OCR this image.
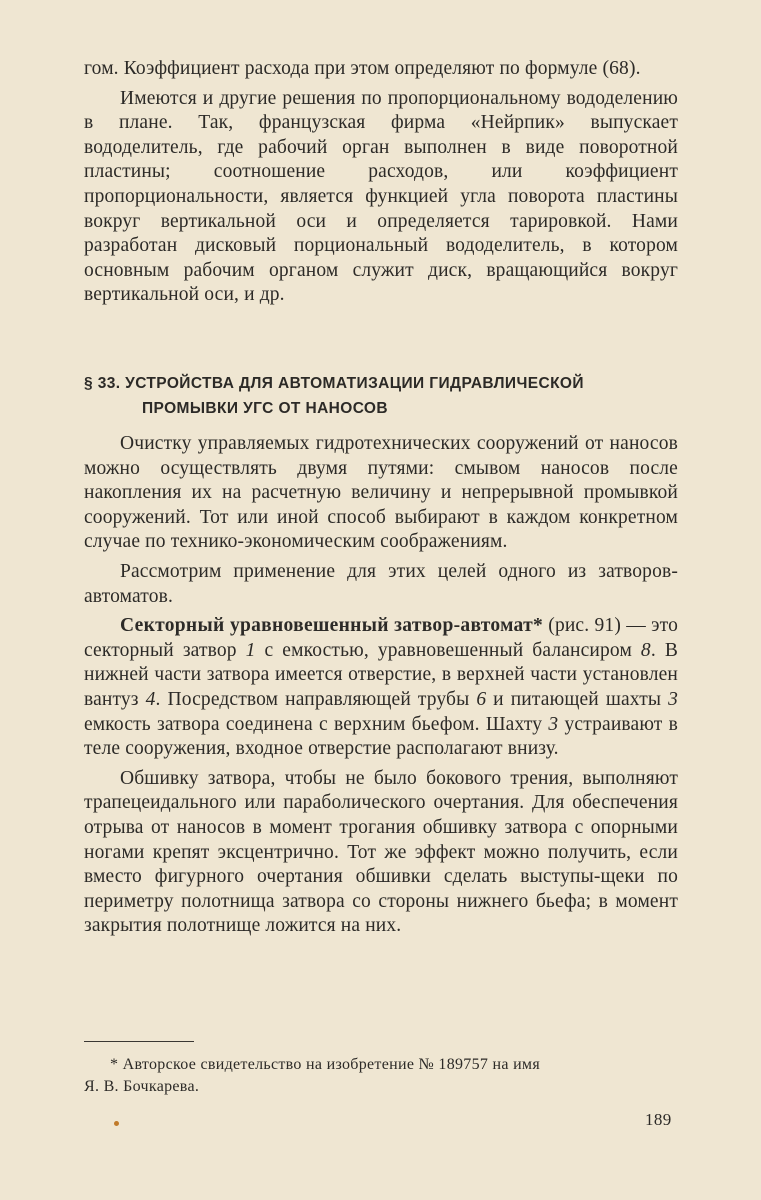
гом. Коэффициент расхода при этом определяют по формуле (68).

Имеются и другие решения по пропорциональному вододелению в плане. Так, французская фирма «Нейрпик» выпускает вододелитель, где рабочий орган выполнен в виде поворотной пластины; соотношение расходов, или коэффициент пропорциональности, является функцией угла поворота пластины вокруг вертикальной оси и определяется тарировкой. Нами разработан дисковый порциональный вододелитель, в котором основным рабочим органом служит диск, вращающийся вокруг вертикальной оси, и др.

§ 33. УСТРОЙСТВА ДЛЯ АВТОМАТИЗАЦИИ ГИДРАВЛИЧЕСКОЙ
ПРОМЫВКИ УГС ОТ НАНОСОВ

Очистку управляемых гидротехнических сооружений от наносов можно осуществлять двумя путями: смывом наносов после накопления их на расчетную величину и непрерывной промывкой сооружений. Тот или иной способ выбирают в каждом конкретном случае по технико-экономическим соображениям.

Рассмотрим применение для этих целей одного из затворов-автоматов.

Секторный уравновешенный затвор-автомат* (рис. 91) — это секторный затвор 1 с емкостью, уравновешенный балансиром 8. В нижней части затвора имеется отверстие, в верхней части установлен вантуз 4. Посредством направляющей трубы 6 и питающей шахты 3 емкость затвора соединена с верхним бьефом. Шахту 3 устраивают в теле сооружения, входное отверстие располагают внизу.

Обшивку затвора, чтобы не было бокового трения, выполняют трапецеидального или параболического очертания. Для обеспечения отрыва от наносов в момент трогания обшивку затвора с опорными ногами крепят эксцентрично. Тот же эффект можно получить, если вместо фигурного очертания обшивки сделать выступы-щеки по периметру полотнища затвора со стороны нижнего бьефа; в момент закрытия полотнище ложится на них.

* Авторское свидетельство на изобретение № 189757 на имя
Я. В. Бочкарева.
189
